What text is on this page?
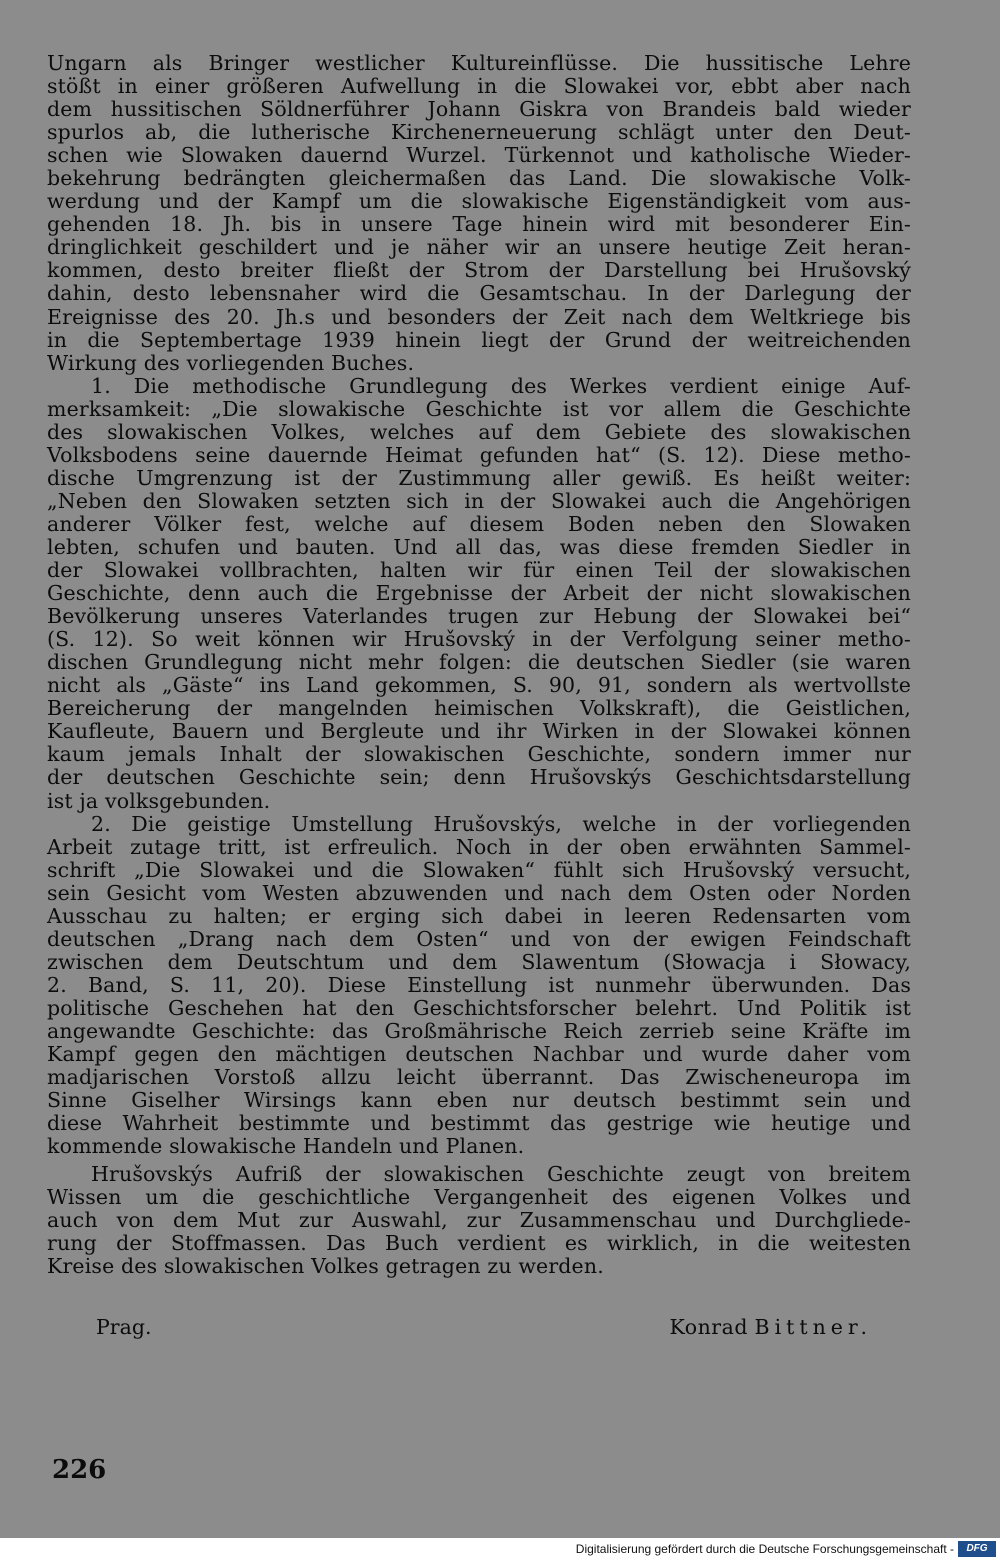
Ungarn als Bringer westlicher Kultureinflüsse. Die hussitische Lehre
stößt in einer größeren Aufwellung in die Slowakei vor, ebbt aber nach
dem hussitischen Söldnerführer Johann Giskra von Brandeis bald wieder
spurlos ab, die lutherische Kirchenerneuerung schlägt unter den Deut-
schen wie Slowaken dauernd Wurzel. Türkennot und katholische Wieder-
bekehrung bedrängten gleichermaßen das Land. Die slowakische Volk-
werdung und der Kampf um die slowakische Eigenständigkeit vom aus-
gehenden 18. Jh. bis in unsere Tage hinein wird mit besonderer Ein-
dringlichkeit geschildert und je näher wir an unsere heutige Zeit heran-
kommen, desto breiter fließt der Strom der Darstellung bei Hrušovský
dahin, desto lebensnaher wird die Gesamtschau. In der Darlegung der
Ereignisse des 20. Jh.s und besonders der Zeit nach dem Weltkriege bis
in die Septembertage 1939 hinein liegt der Grund der weitreichenden
Wirkung des vorliegenden Buches.
1. Die methodische Grundlegung des Werkes verdient einige Auf-
merksamkeit: „Die slowakische Geschichte ist vor allem die Geschichte
des slowakischen Volkes, welches auf dem Gebiete des slowakischen
Volksbodens seine dauernde Heimat gefunden hat“ (S. 12). Diese metho-
dische Umgrenzung ist der Zustimmung aller gewiß. Es heißt weiter:
„Neben den Slowaken setzten sich in der Slowakei auch die Angehörigen
anderer Völker fest, welche auf diesem Boden neben den Slowaken
lebten, schufen und bauten. Und all das, was diese fremden Siedler in
der Slowakei vollbrachten, halten wir für einen Teil der slowakischen
Geschichte, denn auch die Ergebnisse der Arbeit der nicht slowakischen
Bevölkerung unseres Vaterlandes trugen zur Hebung der Slowakei bei“
(S. 12). So weit können wir Hrušovský in der Verfolgung seiner metho-
dischen Grundlegung nicht mehr folgen: die deutschen Siedler (sie waren
nicht als „Gäste“ ins Land gekommen, S. 90, 91, sondern als wertvollste
Bereicherung der mangelnden heimischen Volkskraft), die Geistlichen,
Kaufleute, Bauern und Bergleute und ihr Wirken in der Slowakei können
kaum jemals Inhalt der slowakischen Geschichte, sondern immer nur
der deutschen Geschichte sein; denn Hrušovskýs Geschichtsdarstellung
ist ja volksgebunden.
2. Die geistige Umstellung Hrušovskýs, welche in der vorliegenden
Arbeit zutage tritt, ist erfreulich. Noch in der oben erwähnten Sammel-
schrift „Die Slowakei und die Slowaken“ fühlt sich Hrušovský versucht,
sein Gesicht vom Westen abzuwenden und nach dem Osten oder Norden
Ausschau zu halten; er erging sich dabei in leeren Redensarten vom
deutschen „Drang nach dem Osten“ und von der ewigen Feindschaft
zwischen dem Deutschtum und dem Slawentum (Słowacja i Słowacy,
2. Band, S. 11, 20). Diese Einstellung ist nunmehr überwunden. Das
politische Geschehen hat den Geschichtsforscher belehrt. Und Politik ist
angewandte Geschichte: das Großmährische Reich zerrieb seine Kräfte im
Kampf gegen den mächtigen deutschen Nachbar und wurde daher vom
madjarischen Vorstoß allzu leicht überrannt. Das Zwischeneuropa im
Sinne Giselher Wirsings kann eben nur deutsch bestimmt sein und
diese Wahrheit bestimmte und bestimmt das gestrige wie heutige und
kommende slowakische Handeln und Planen.
Hrušovskýs Aufriß der slowakischen Geschichte zeugt von breitem
Wissen um die geschichtliche Vergangenheit des eigenen Volkes und
auch von dem Mut zur Auswahl, zur Zusammenschau und Durchgliede-
rung der Stoffmassen. Das Buch verdient es wirklich, in die weitesten
Kreise des slowakischen Volkes getragen zu werden.
Prag.	Konrad Bittner.
226
Digitalisierung gefördert durch die Deutsche Forschungsgemeinschaft -	DFG
